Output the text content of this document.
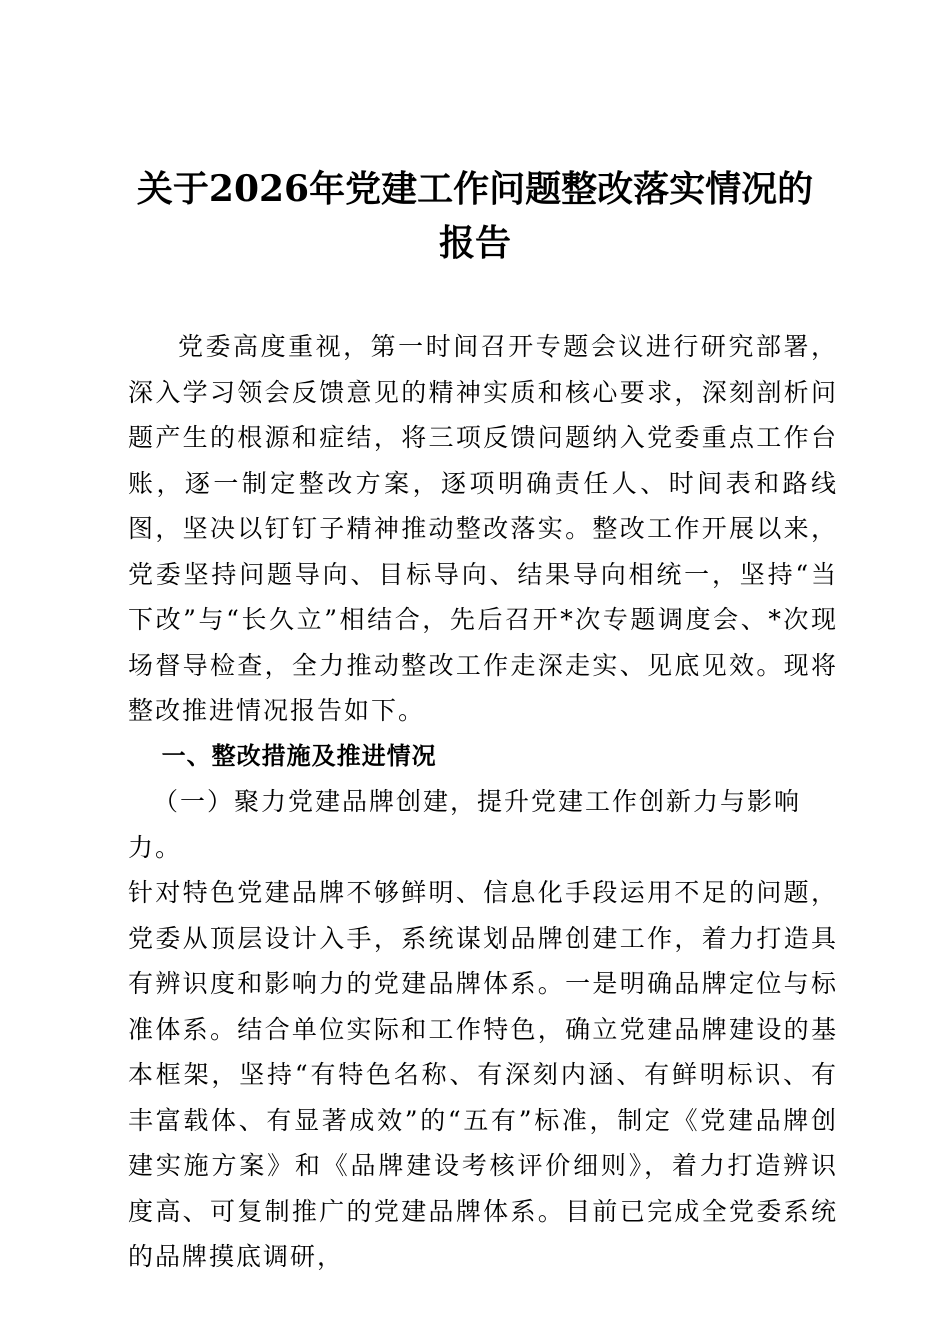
关于2026年党建工作问题整改落实情况的报告

党委高度重视，第一时间召开专题会议进行研究部署，深入学习领会反馈意见的精神实质和核心要求，深刻剖析问题产生的根源和症结，将三项反馈问题纳入党委重点工作台账，逐一制定整改方案，逐项明确责任人、时间表和路线图，坚决以钉钉子精神推动整改落实。整改工作开展以来，党委坚持问题导向、目标导向、结果导向相统一，坚持“当下改”与“长久立”相结合，先后召开*次专题调度会、*次现场督导检查，全力推动整改工作走深走实、见底见效。现将整改推进情况报告如下。

一、整改措施及推进情况

（一）聚力党建品牌创建，提升党建工作创新力与影响力。

针对特色党建品牌不够鲜明、信息化手段运用不足的问题，党委从顶层设计入手，系统谋划品牌创建工作，着力打造具有辨识度和影响力的党建品牌体系。一是明确品牌定位与标准体系。结合单位实际和工作特色，确立党建品牌建设的基本框架，坚持“有特色名称、有深刻内涵、有鲜明标识、有丰富载体、有显著成效”的“五有”标准，制定《党建品牌创建实施方案》和《品牌建设考核评价细则》，着力打造辨识度高、可复制推广的党建品牌体系。目前已完成全党委系统的品牌摸底调研，
